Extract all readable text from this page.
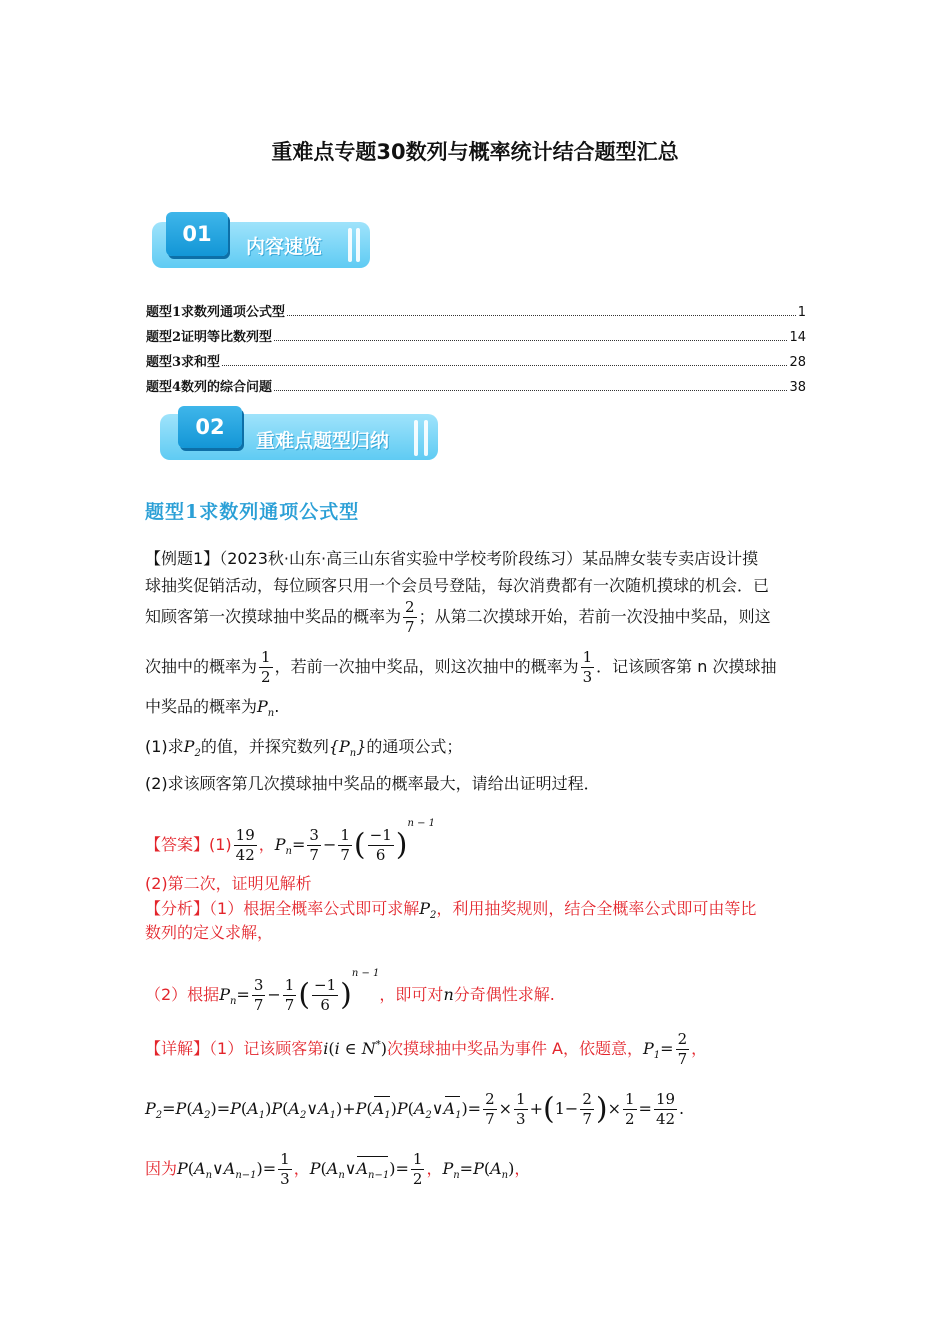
重难点专题30数列与概率统计结合题型汇总
01
内容速览
题型1求数列通项公式型	1
题型2证明等比数列型	14
题型3求和型	28
题型4数列的综合问题	38
02
重难点题型归纳
题型1求数列通项公式型
【例题1】（2023秋·山东·高三山东省实验中学校考阶段练习）某品牌女装专卖店设计摸
球抽奖促销活动，每位顾客只用一个会员号登陆，每次消费都有一次随机摸球的机会．已
知顾客第一次摸球抽中奖品的概率为 $\frac{2}{7}$ ；从第二次摸球开始，若前一次没抽中奖品，则这
次抽中的概率为 $\frac{1}{2}$ ，若前一次抽中奖品，则这次抽中的概率为 $\frac{1}{3}$ ．记该顾客第 n 次摸球抽
中奖品的概率为$P_n$.
(1)求$P_2$的值，并探究数列$\{P_n\}$的通项公式；
(2)求该顾客第几次摸球抽中奖品的概率最大，请给出证明过程．
【答案】$(1) \frac{19}{42}$ ，$P_n= \frac{3}{7} - \frac{1}{7}$ ( $\frac{-1}{6} )^{n - 1}$
(2)第二次，证明见解析
【分析】（1）根据全概率公式即可求解$P_2$，利用抽奖规则，结合全概率公式即可由等比
数列的定义求解，
（2）根据$P_n= \frac{3}{7} - \frac{1}{7}$ ( $\frac{-1}{6} )^{n - 1}$，即可对n分奇偶性求解.
【详解】（1）记该顾客第i(i ∈ N*)次摸球抽中奖品为事件 A，依题意，$P_1= \frac{2}{7}$ ，
$P_2=P(A_2)=P(A_1)P(A_2\vee A_1)+P(A_1)P(A_2\vee A_1)= \frac{2}{7} \times \frac{1}{3} +(1- \frac{2}{7}$ )× $\frac{1}{2} = \frac{19}{42}$ .
因为$P(A_n\vee A_{n-1})= \frac{1}{3}$ ，$P(A_n\vee A_{n-1})= \frac{1}{2}$ ，$P_n=P(A_n)$，
